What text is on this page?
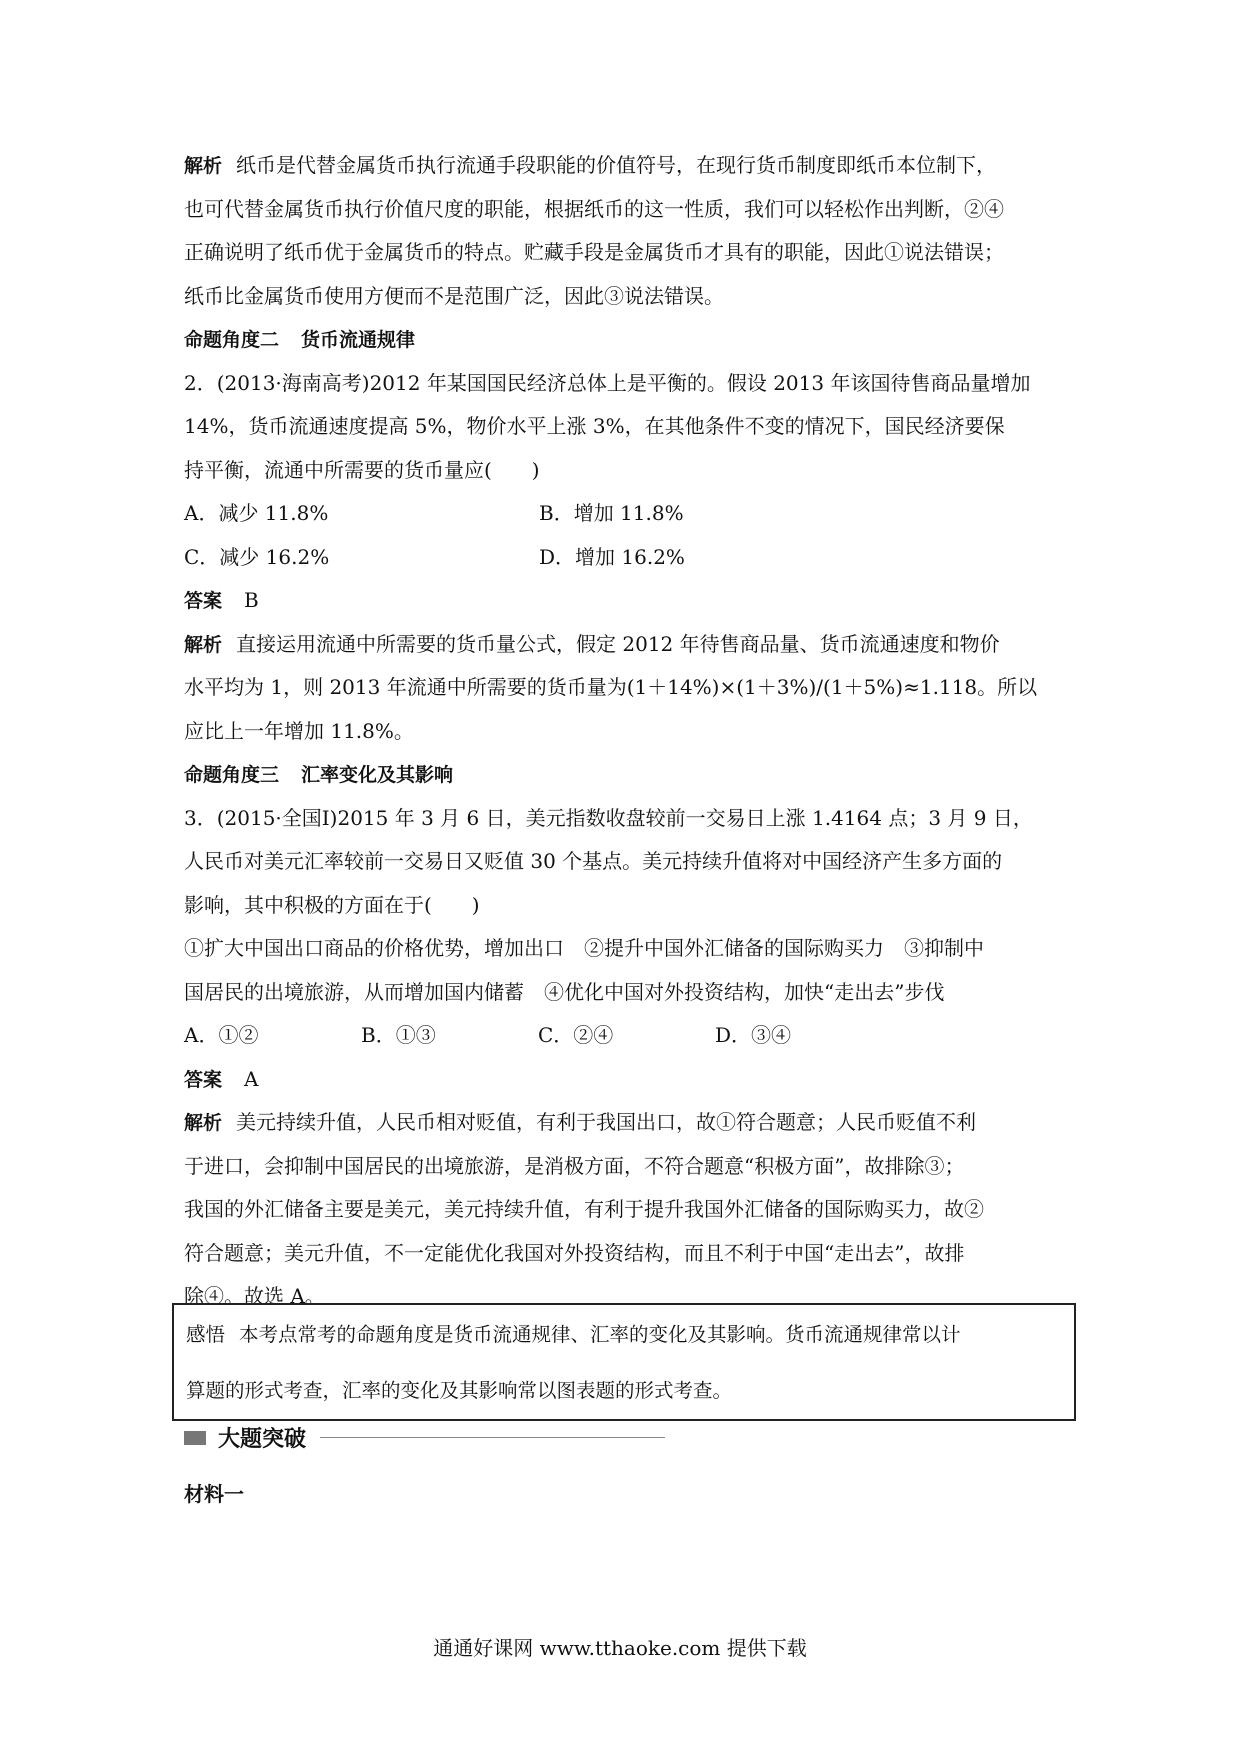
解析 纸币是代替金属货币执行流通手段职能的价值符号，在现行货币制度即纸币本位制下，
也可代替金属货币执行价值尺度的职能，根据纸币的这一性质，我们可以轻松作出判断，②④
正确说明了纸币优于金属货币的特点。贮藏手段是金属货币才具有的职能，因此①说法错误；
纸币比金属货币使用方便而不是范围广泛，因此③说法错误。
命题角度二 货币流通规律
2．(2013·海南高考)2012 年某国国民经济总体上是平衡的。假设 2013 年该国待售商品量增加
14%，货币流通速度提高 5%，物价水平上涨 3%，在其他条件不变的情况下，国民经济要保
持平衡，流通中所需要的货币量应(　　)
A．减少 11.8%	B．增加 11.8%
C．减少 16.2%	D．增加 16.2%
答案 B
解析 直接运用流通中所需要的货币量公式，假定 2012 年待售商品量、货币流通速度和物价
水平均为 1，则 2013 年流通中所需要的货币量为(1＋14%)×(1＋3%)/(1＋5%)≈1.118。所以
应比上一年增加 11.8%。
命题角度三 汇率变化及其影响
3．(2015·全国Ⅰ)2015 年 3 月 6 日，美元指数收盘较前一交易日上涨 1.4164 点；3 月 9 日，
人民币对美元汇率较前一交易日又贬值 30 个基点。美元持续升值将对中国经济产生多方面的
影响，其中积极的方面在于(　　)
①扩大中国出口商品的价格优势，增加出口　②提升中国外汇储备的国际购买力　③抑制中
国居民的出境旅游，从而增加国内储蓄　④优化中国对外投资结构，加快“走出去”步伐
A．①②	B．①③	C．②④	D．③④
答案 A
解析 美元持续升值，人民币相对贬值，有利于我国出口，故①符合题意；人民币贬值不利
于进口，会抑制中国居民的出境旅游，是消极方面，不符合题意“积极方面”，故排除③；
我国的外汇储备主要是美元，美元持续升值，有利于提升我国外汇储备的国际购买力，故②
符合题意；美元升值，不一定能优化我国对外投资结构，而且不利于中国“走出去”，故排
除④。故选 A。
感悟 本考点常考的命题角度是货币流通规律、汇率的变化及其影响。货币流通规律常以计
算题的形式考查，汇率的变化及其影响常以图表题的形式考查。
大题突破
材料一
通通好课网 www.tthaoke.com 提供下载
